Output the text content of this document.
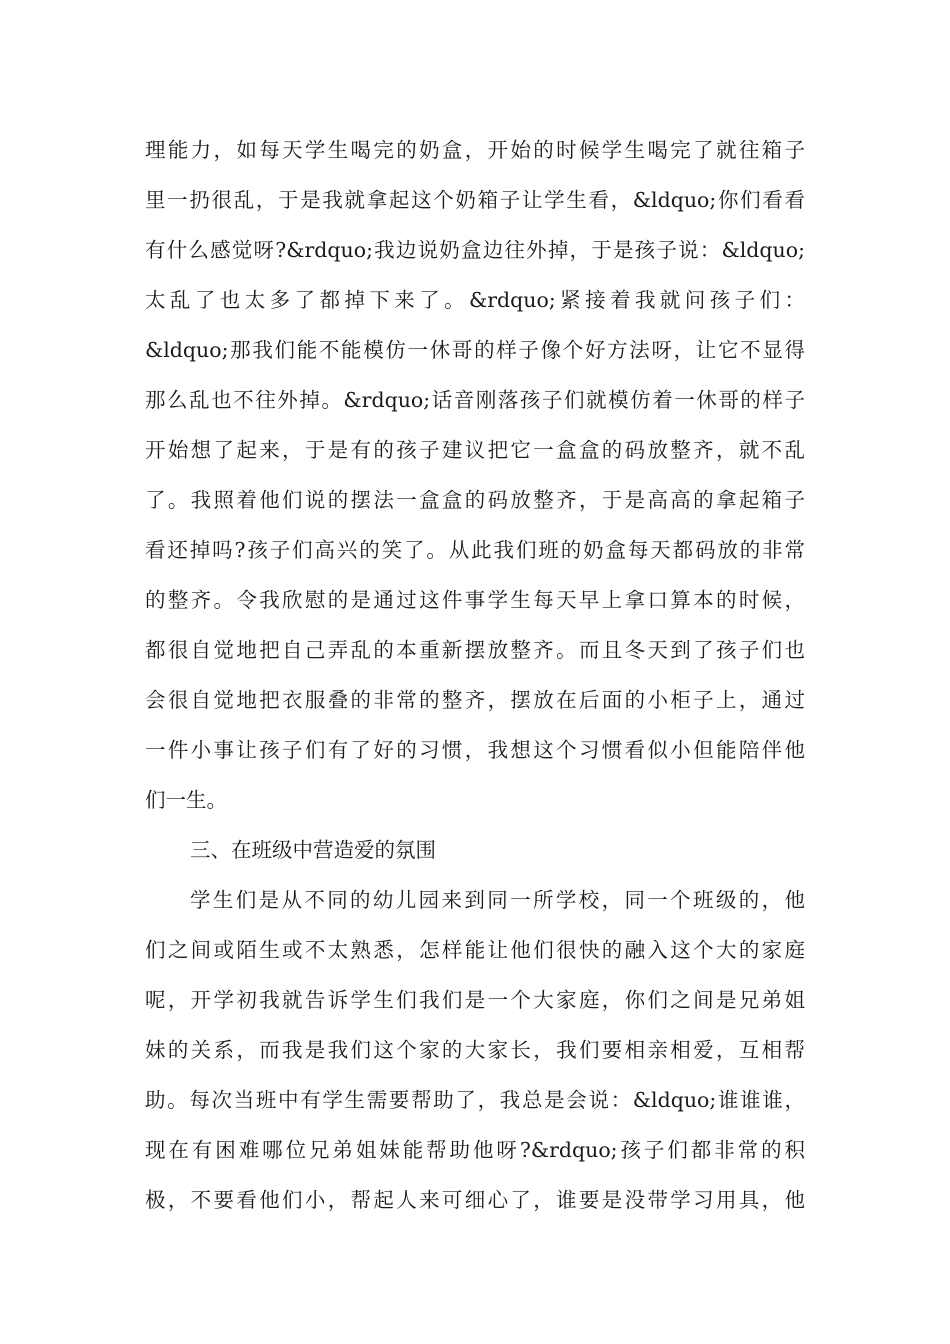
理能力，如每天学生喝完的奶盒，开始的时候学生喝完了就往箱子
里一扔很乱，于是我就拿起这个奶箱子让学生看，&ldquo;你们看看
有什么感觉呀?&rdquo;我边说奶盒边往外掉，于是孩子说：&ldquo;
太乱了也太多了都掉下来了。&rdquo;紧接着我就问孩子们：
&ldquo;那我们能不能模仿一休哥的样子像个好方法呀，让它不显得
那么乱也不往外掉。&rdquo;话音刚落孩子们就模仿着一休哥的样子
开始想了起来，于是有的孩子建议把它一盒盒的码放整齐，就不乱
了。我照着他们说的摆法一盒盒的码放整齐，于是高高的拿起箱子
看还掉吗?孩子们高兴的笑了。从此我们班的奶盒每天都码放的非常
的整齐。令我欣慰的是通过这件事学生每天早上拿口算本的时候，
都很自觉地把自己弄乱的本重新摆放整齐。而且冬天到了孩子们也
会很自觉地把衣服叠的非常的整齐，摆放在后面的小柜子上，通过
一件小事让孩子们有了好的习惯，我想这个习惯看似小但能陪伴他
们一生。
三、在班级中营造爱的氛围
学生们是从不同的幼儿园来到同一所学校，同一个班级的，他
们之间或陌生或不太熟悉，怎样能让他们很快的融入这个大的家庭
呢，开学初我就告诉学生们我们是一个大家庭，你们之间是兄弟姐
妹的关系，而我是我们这个家的大家长，我们要相亲相爱，互相帮
助。每次当班中有学生需要帮助了，我总是会说：&ldquo;谁谁谁，
现在有困难哪位兄弟姐妹能帮助他呀?&rdquo;孩子们都非常的积
极，不要看他们小，帮起人来可细心了，谁要是没带学习用具，他
